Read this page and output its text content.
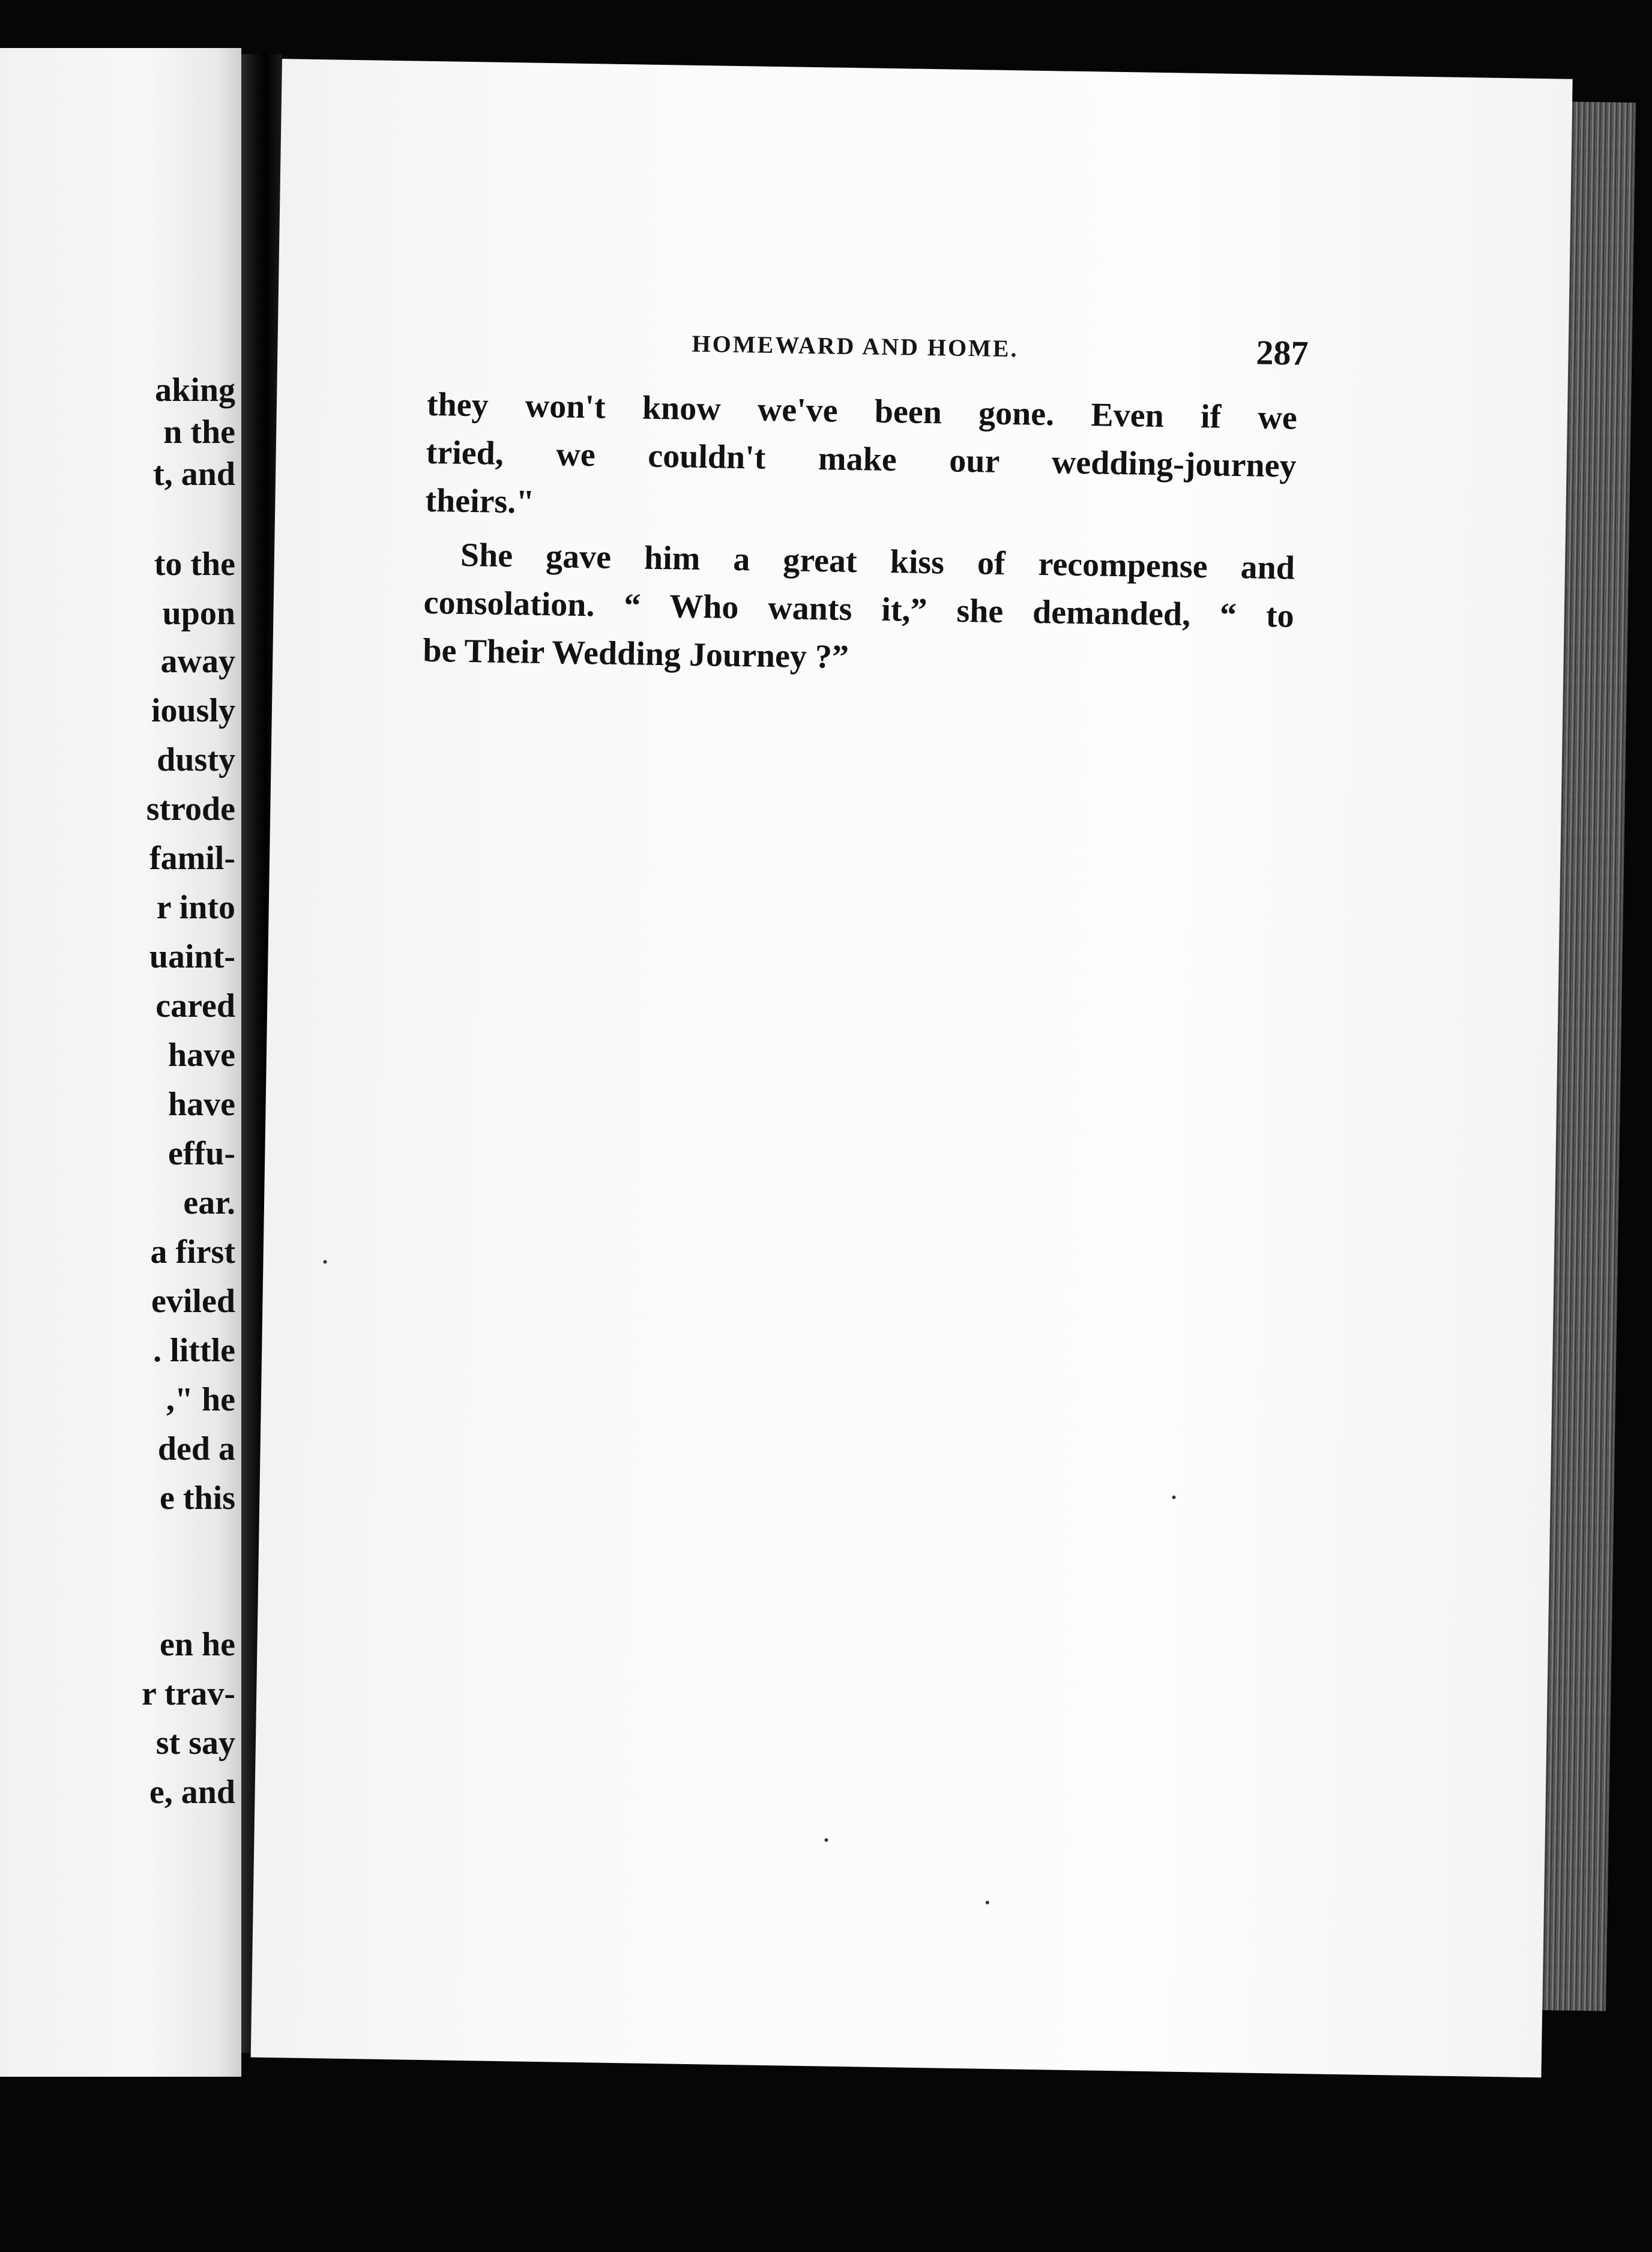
aking
n the
t, and
to the
upon
away
iously
dusty
strode
famil-
r into
uaint-
cared
have
have
effu-
ear.
a first
eviled
. little
," he
ded a
e this
en he
r trav-
st say
e, and
HOMEWARD AND HOME.	287
they won't know we've been gone. Even if we
tried, we couldn't make our wedding-journey
theirs."
She gave him a great kiss of recompense and
consolation. “ Who wants it,” she demanded, “ to
be Their Wedding Journey ?”
